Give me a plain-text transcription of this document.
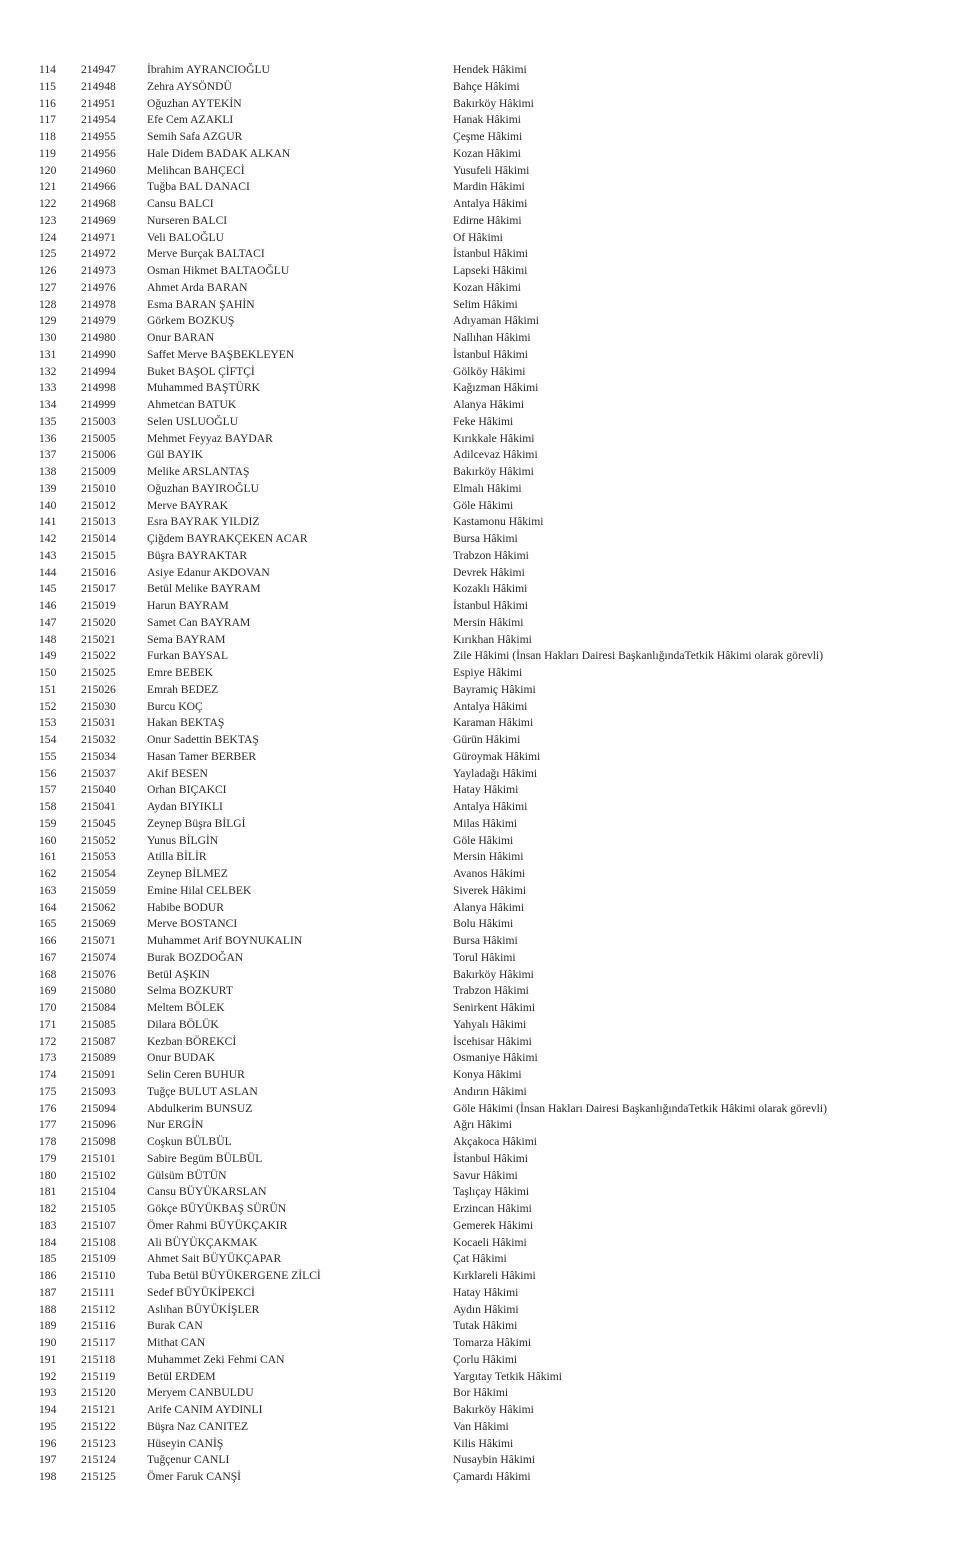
114	214947	İbrahim AYRANCIOĞLU	Hendek Hâkimi
115	214948	Zehra AYSÖNDÜ	Bahçe Hâkimi
116	214951	Oğuzhan AYTEKİN	Bakırköy Hâkimi
117	214954	Efe Cem AZAKLI	Hanak Hâkimi
118	214955	Semih Safa AZGUR	Çeşme Hâkimi
119	214956	Hale Didem BADAK ALKAN	Kozan Hâkimi
120	214960	Melihcan BAHÇECİ	Yusufeli Hâkimi
121	214966	Tuğba BAL DANACI	Mardin Hâkimi
122	214968	Cansu BALCI	Antalya Hâkimi
123	214969	Nurseren BALCI	Edirne Hâkimi
124	214971	Veli BALOĞLU	Of Hâkimi
125	214972	Merve Burçak BALTACI	İstanbul Hâkimi
126	214973	Osman Hikmet BALTAOĞLU	Lapseki Hâkimi
127	214976	Ahmet Arda BARAN	Kozan Hâkimi
128	214978	Esma BARAN ŞAHİN	Selim Hâkimi
129	214979	Görkem BOZKUŞ	Adıyaman Hâkimi
130	214980	Onur BARAN	Nallıhan Hâkimi
131	214990	Saffet Merve BAŞBEKLEYEN	İstanbul Hâkimi
132	214994	Buket BAŞOL ÇİFTÇİ	Gölköy Hâkimi
133	214998	Muhammed BAŞTÜRK	Kağızman Hâkimi
134	214999	Ahmetcan BATUK	Alanya Hâkimi
135	215003	Selen USLUOĞLU	Feke Hâkimi
136	215005	Mehmet Feyyaz BAYDAR	Kırıkkale Hâkimi
137	215006	Gül BAYIK	Adilcevaz Hâkimi
138	215009	Melike ARSLANTAŞ	Bakırköy Hâkimi
139	215010	Oğuzhan BAYIROĞLU	Elmalı Hâkimi
140	215012	Merve BAYRAK	Göle Hâkimi
141	215013	Esra BAYRAK YILDIZ	Kastamonu Hâkimi
142	215014	Çiğdem BAYRAKÇEKEN ACAR	Bursa Hâkimi
143	215015	Büşra BAYRAKTAR	Trabzon Hâkimi
144	215016	Asiye Edanur AKDOVAN	Devrek Hâkimi
145	215017	Betül Melike BAYRAM	Kozaklı Hâkimi
146	215019	Harun BAYRAM	İstanbul Hâkimi
147	215020	Samet Can BAYRAM	Mersin Hâkimi
148	215021	Sema BAYRAM	Kırıkhan Hâkimi
149	215022	Furkan BAYSAL	Zile Hâkimi (İnsan Hakları Dairesi BaşkanlığındaTetkik Hâkimi olarak görevli)
150	215025	Emre BEBEK	Espiye Hâkimi
151	215026	Emrah BEDEZ	Bayramiç Hâkimi
152	215030	Burcu KOÇ	Antalya Hâkimi
153	215031	Hakan BEKTAŞ	Karaman Hâkimi
154	215032	Onur Sadettin BEKTAŞ	Gürün Hâkimi
155	215034	Hasan Tamer BERBER	Güroymak Hâkimi
156	215037	Akif BESEN	Yayladağı Hâkimi
157	215040	Orhan BIÇAKCI	Hatay Hâkimi
158	215041	Aydan BIYIKLI	Antalya Hâkimi
159	215045	Zeynep Büşra BİLGİ	Milas Hâkimi
160	215052	Yunus BİLGİN	Göle Hâkimi
161	215053	Atilla BİLİR	Mersin Hâkimi
162	215054	Zeynep BİLMEZ	Avanos Hâkimi
163	215059	Emine Hilal CELBEK	Siverek Hâkimi
164	215062	Habibe BODUR	Alanya Hâkimi
165	215069	Merve BOSTANCI	Bolu Hâkimi
166	215071	Muhammet Arif BOYNUKALIN	Bursa Hâkimi
167	215074	Burak BOZDOĞAN	Torul Hâkimi
168	215076	Betül AŞKIN	Bakırköy Hâkimi
169	215080	Selma BOZKURT	Trabzon Hâkimi
170	215084	Meltem BÖLEK	Senirkent Hâkimi
171	215085	Dilara BÖLÜK	Yahyalı Hâkimi
172	215087	Kezban BÖREKCİ	İscehisar Hâkimi
173	215089	Onur BUDAK	Osmaniye Hâkimi
174	215091	Selin Ceren BUHUR	Konya Hâkimi
175	215093	Tuğçe BULUT ASLAN	Andırın Hâkimi
176	215094	Abdulkerim BUNSUZ	Göle Hâkimi (İnsan Hakları Dairesi BaşkanlığındaTetkik Hâkimi olarak görevli)
177	215096	Nur ERGİN	Ağrı Hâkimi
178	215098	Coşkun BÜLBÜL	Akçakoca Hâkimi
179	215101	Sabire Begüm BÜLBÜL	İstanbul Hâkimi
180	215102	Gülsüm BÜTÜN	Savur Hâkimi
181	215104	Cansu BÜYÜKARSLAN	Taşlıçay Hâkimi
182	215105	Gökçe BÜYÜKBAŞ SÜRÜN	Erzincan Hâkimi
183	215107	Ömer Rahmi BÜYÜKÇAKIR	Gemerek Hâkimi
184	215108	Ali BÜYÜKÇAKMAK	Kocaeli Hâkimi
185	215109	Ahmet Sait BÜYÜKÇAPAR	Çat Hâkimi
186	215110	Tuba Betül BÜYÜKERGENE ZİLCİ	Kırklareli Hâkimi
187	215111	Sedef BÜYÜKİPEKCİ	Hatay Hâkimi
188	215112	Aslıhan BÜYÜKİŞLER	Aydın Hâkimi
189	215116	Burak CAN	Tutak Hâkimi
190	215117	Mithat CAN	Tomarza Hâkimi
191	215118	Muhammet Zeki Fehmi CAN	Çorlu Hâkimi
192	215119	Betül ERDEM	Yargıtay Tetkik Hâkimi
193	215120	Meryem CANBULDU	Bor Hâkimi
194	215121	Arife CANIM AYDINLI	Bakırköy Hâkimi
195	215122	Büşra Naz CANITEZ	Van Hâkimi
196	215123	Hüseyin CANİŞ	Kilis Hâkimi
197	215124	Tuğçenur CANLI	Nusaybin Hâkimi
198	215125	Ömer Faruk CANŞİ	Çamardı Hâkimi
